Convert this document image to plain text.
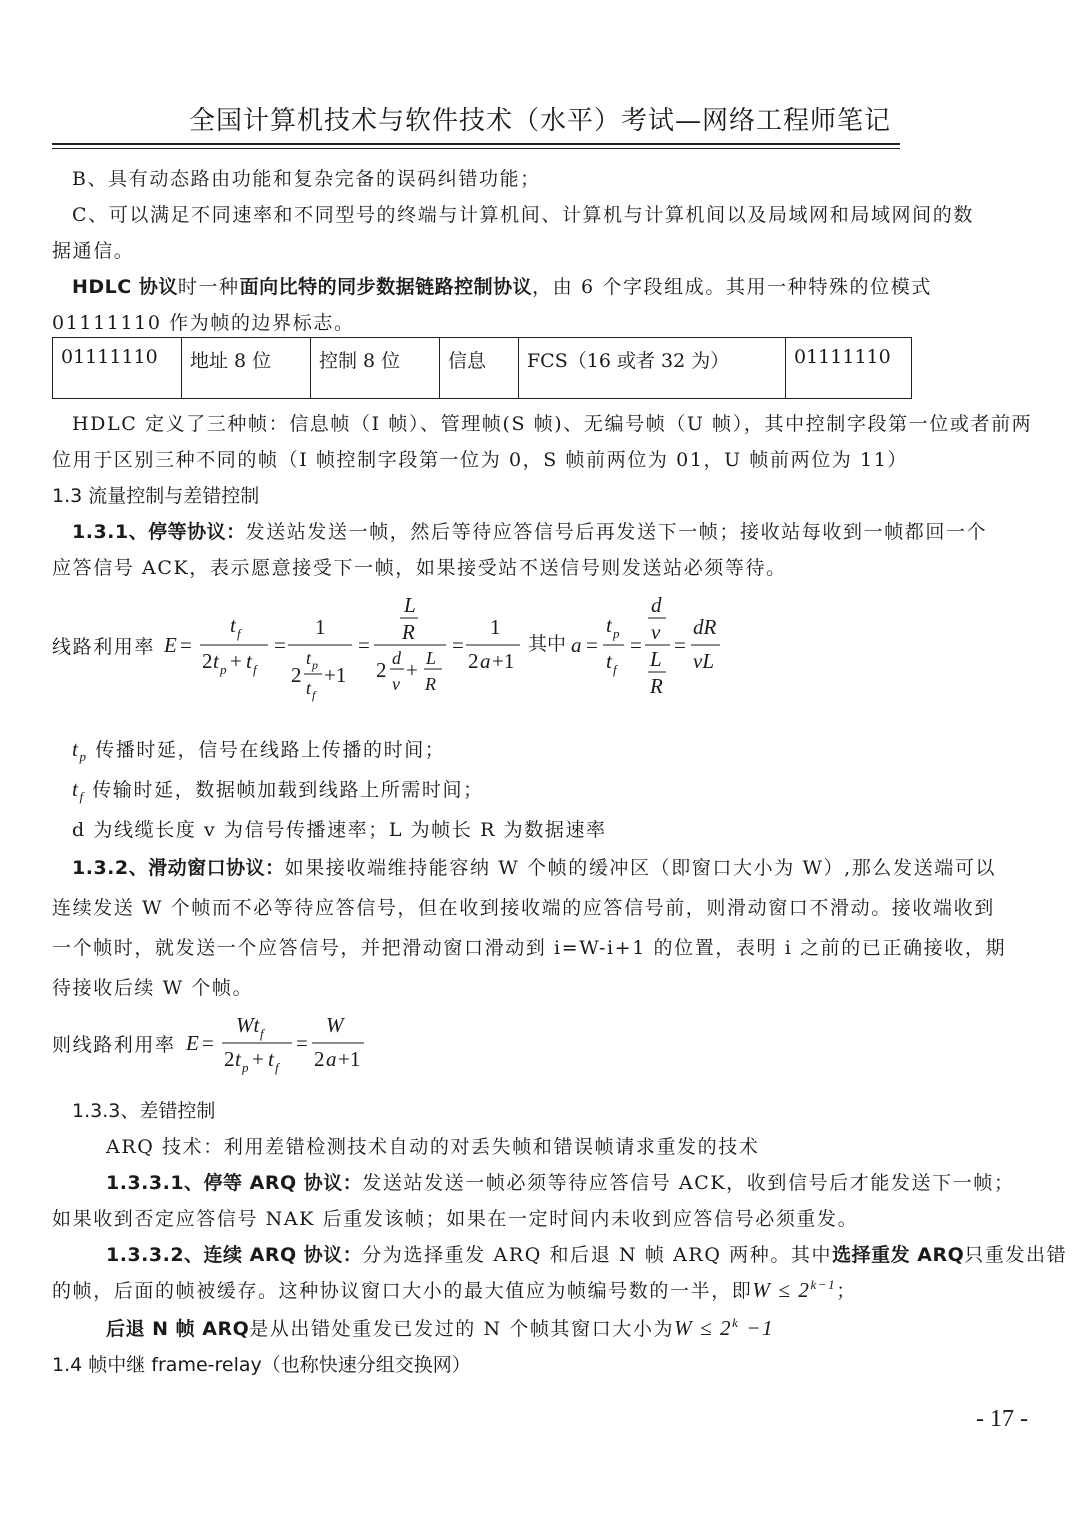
全国计算机技术与软件技术（水平）考试—网络工程师笔记
B、具有动态路由功能和复杂完备的误码纠错功能；
C、可以满足不同速率和不同型号的终端与计算机间、计算机与计算机间以及局域网和局域网间的数
据通信。
HDLC 协议时一种面向比特的同步数据链路控制协议，由 6 个字段组成。其用一种特殊的位模式
01111110 作为帧的边界标志。
01111110	地址 8 位	控制 8 位	信息	FCS（16 或者 32 为）	01111110
HDLC 定义了三种帧：信息帧（I 帧）、管理帧(S 帧)、无编号帧（U 帧），其中控制字段第一位或者前两
位用于区别三种不同的帧（I 帧控制字段第一位为 0，S 帧前两位为 01，U 帧前两位为 11）
1.3 流量控制与差错控制
1.3.1、停等协议：发送站发送一帧，然后等待应答信号后再发送下一帧；接收站每收到一帧都回一个
应答信号 ACK，表示愿意接受下一帧，如果接受站不送信号则发送站必须等待。
线路利用率 E =
t f
2 t p + t f
=
1
2
t p
t f
+1
=
L
R
2 d
v
+ L
R
=
1
2 a +1
其中 a =
t p
t f
=
d
v
L
R
=
dR
vL
$t_p$ 传播时延，信号在线路上传播的时间；
$t_f$ 传输时延，数据帧加载到线路上所需时间；
d 为线缆长度 v 为信号传播速率；L 为帧长 R 为数据速率
1.3.2、滑动窗口协议：如果接收端维持能容纳 W 个帧的缓冲区（即窗口大小为 W）,那么发送端可以
连续发送 W 个帧而不必等待应答信号，但在收到接收端的应答信号前，则滑动窗口不滑动。接收端收到
一个帧时，就发送一个应答信号，并把滑动窗口滑动到 i=W-i+1 的位置，表明 i 之前的已正确接收，期
待接收后续 W 个帧。
则线路利用率 E =
Wt f
2 t p + t f
=
W
2 a +1
1.3.3、差错控制
ARQ 技术：利用差错检测技术自动的对丢失帧和错误帧请求重发的技术
1.3.3.1、停等 ARQ 协议：发送站发送一帧必须等待应答信号 ACK，收到信号后才能发送下一帧；
如果收到否定应答信号 NAK 后重发该帧；如果在一定时间内未收到应答信号必须重发。
1.3.3.2、连续 ARQ 协议：分为选择重发 ARQ 和后退 N 帧 ARQ 两种。其中选择重发 ARQ只重发出错
的帧，后面的帧被缓存。这种协议窗口大小的最大值应为帧编号数的一半，即$W \le 2^{k-1}$；
后退 N 帧 ARQ是从出错处重发已发过的 N 个帧其窗口大小为$W \le 2^k -1$
1.4 帧中继 frame-relay（也称快速分组交换网）
- 17 -
